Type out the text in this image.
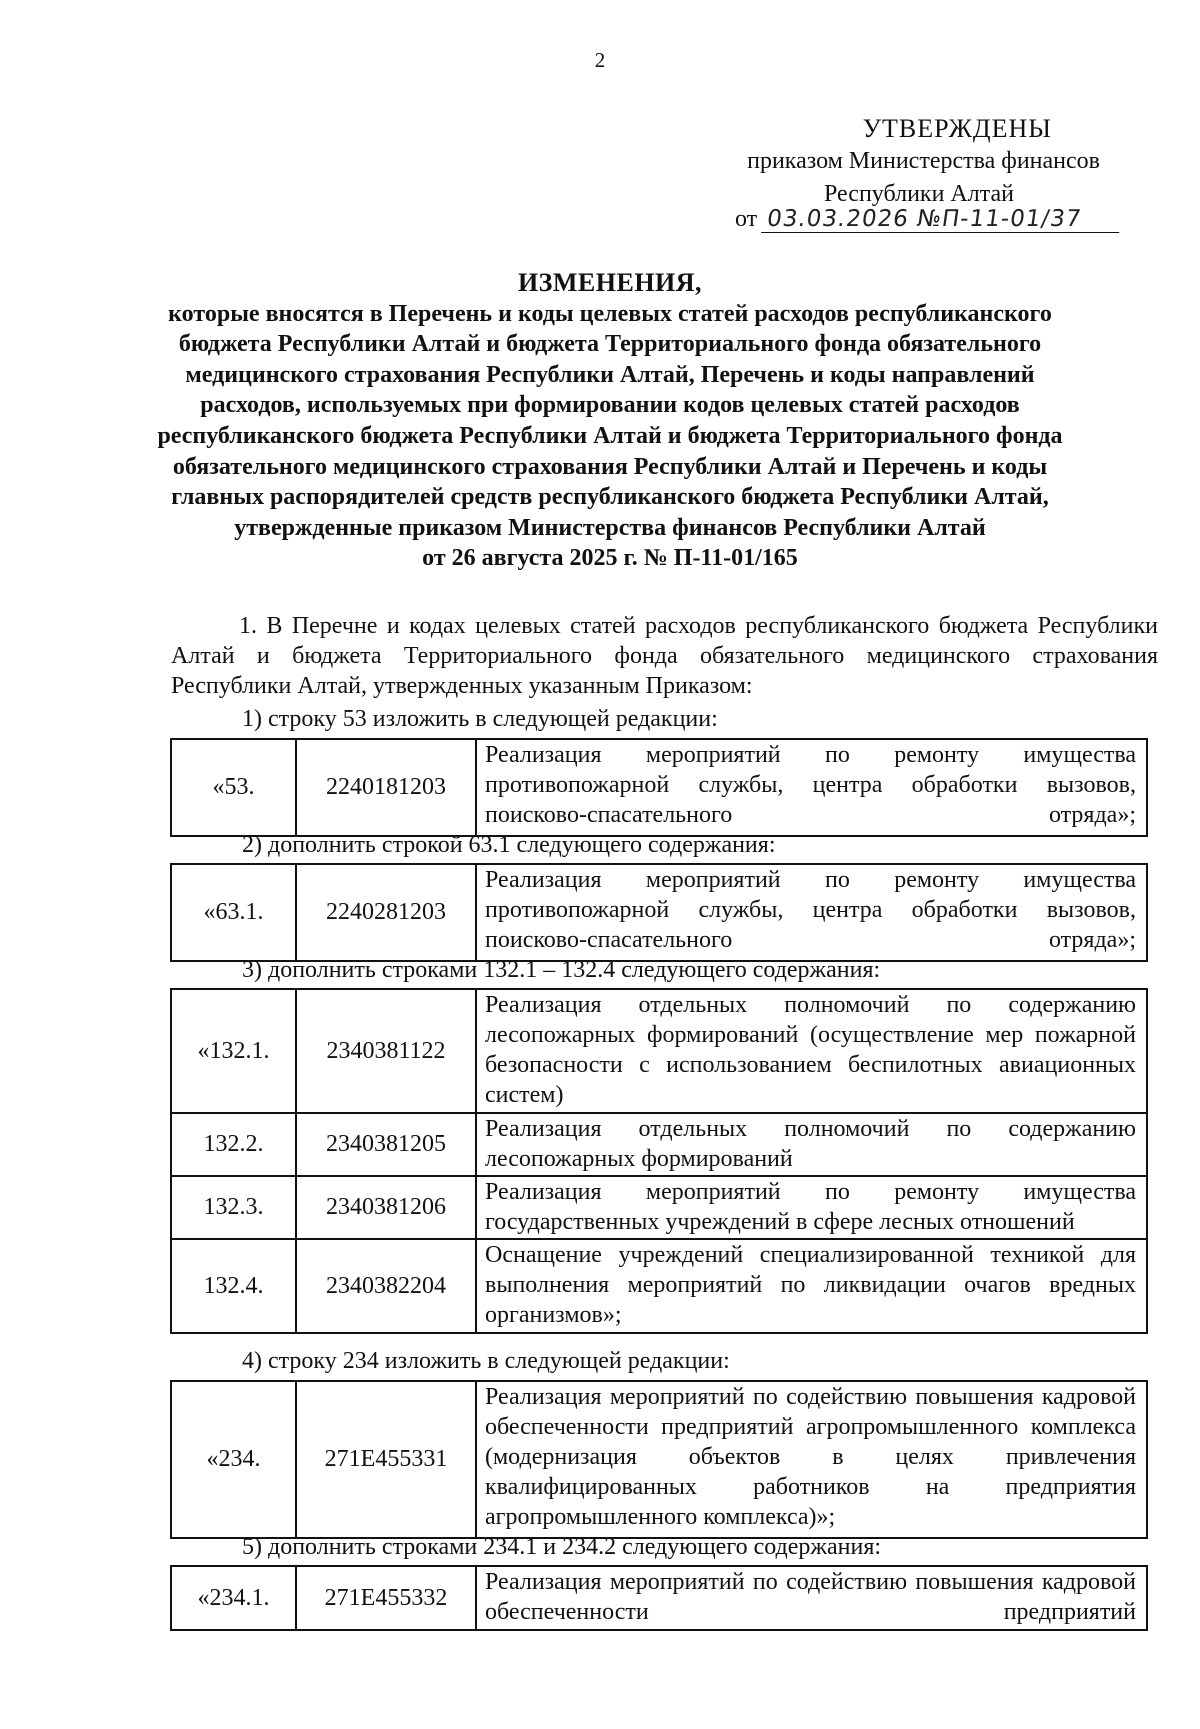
2
УТВЕРЖДЕНЫ
приказом Министерства финансов
Республики Алтай
от 03.03.2026 №П-11-01/37
ИЗМЕНЕНИЯ,
которые вносятся в Перечень и коды целевых статей расходов республиканского
бюджета Республики Алтай и бюджета Территориального фонда обязательного
медицинского страхования Республики Алтай, Перечень и коды направлений
расходов, используемых при формировании кодов целевых статей расходов
республиканского бюджета Республики Алтай и бюджета Территориального фонда
обязательного медицинского страхования Республики Алтай и Перечень и коды
главных распорядителей средств республиканского бюджета Республики Алтай,
утвержденные приказом Министерства финансов Республики Алтай
от 26 августа 2025 г. № П-11-01/165
1. В Перечне и кодах целевых статей расходов республиканского бюджета Республики Алтай и бюджета Территориального фонда обязательного медицинского страхования Республики Алтай, утвержденных указанным Приказом:
1) строку 53 изложить в следующей редакции:
«53.	2240181203	Реализация мероприятий по ремонту имущества противопожарной службы, центра обработки вызовов, поисково-спасательного отряда»;
2) дополнить строкой 63.1 следующего содержания:
«63.1.	2240281203	Реализация мероприятий по ремонту имущества противопожарной службы, центра обработки вызовов, поисково-спасательного отряда»;
3) дополнить строками 132.1 – 132.4 следующего содержания:
«132.1.	2340381122	Реализация отдельных полномочий по содержанию лесопожарных формирований (осуществление мер пожарной безопасности с использованием беспилотных авиационных систем)
132.2.	2340381205	Реализация отдельных полномочий по содержанию лесопожарных формирований
132.3.	2340381206	Реализация мероприятий по ремонту имущества государственных учреждений в сфере лесных отношений
132.4.	2340382204	Оснащение учреждений специализированной техникой для выполнения мероприятий по ликвидации очагов вредных организмов»;
4) строку 234 изложить в следующей редакции:
«234.	271E455331	Реализация мероприятий по содействию повышения кадровой обеспеченности предприятий агропромышленного комплекса (модернизация объектов в целях привлечения квалифицированных работников на предприятия агропромышленного комплекса)»;
5) дополнить строками 234.1 и 234.2 следующего содержания:
«234.1.	271E455332	Реализация мероприятий по содействию повышения кадровой обеспеченности предприятий
